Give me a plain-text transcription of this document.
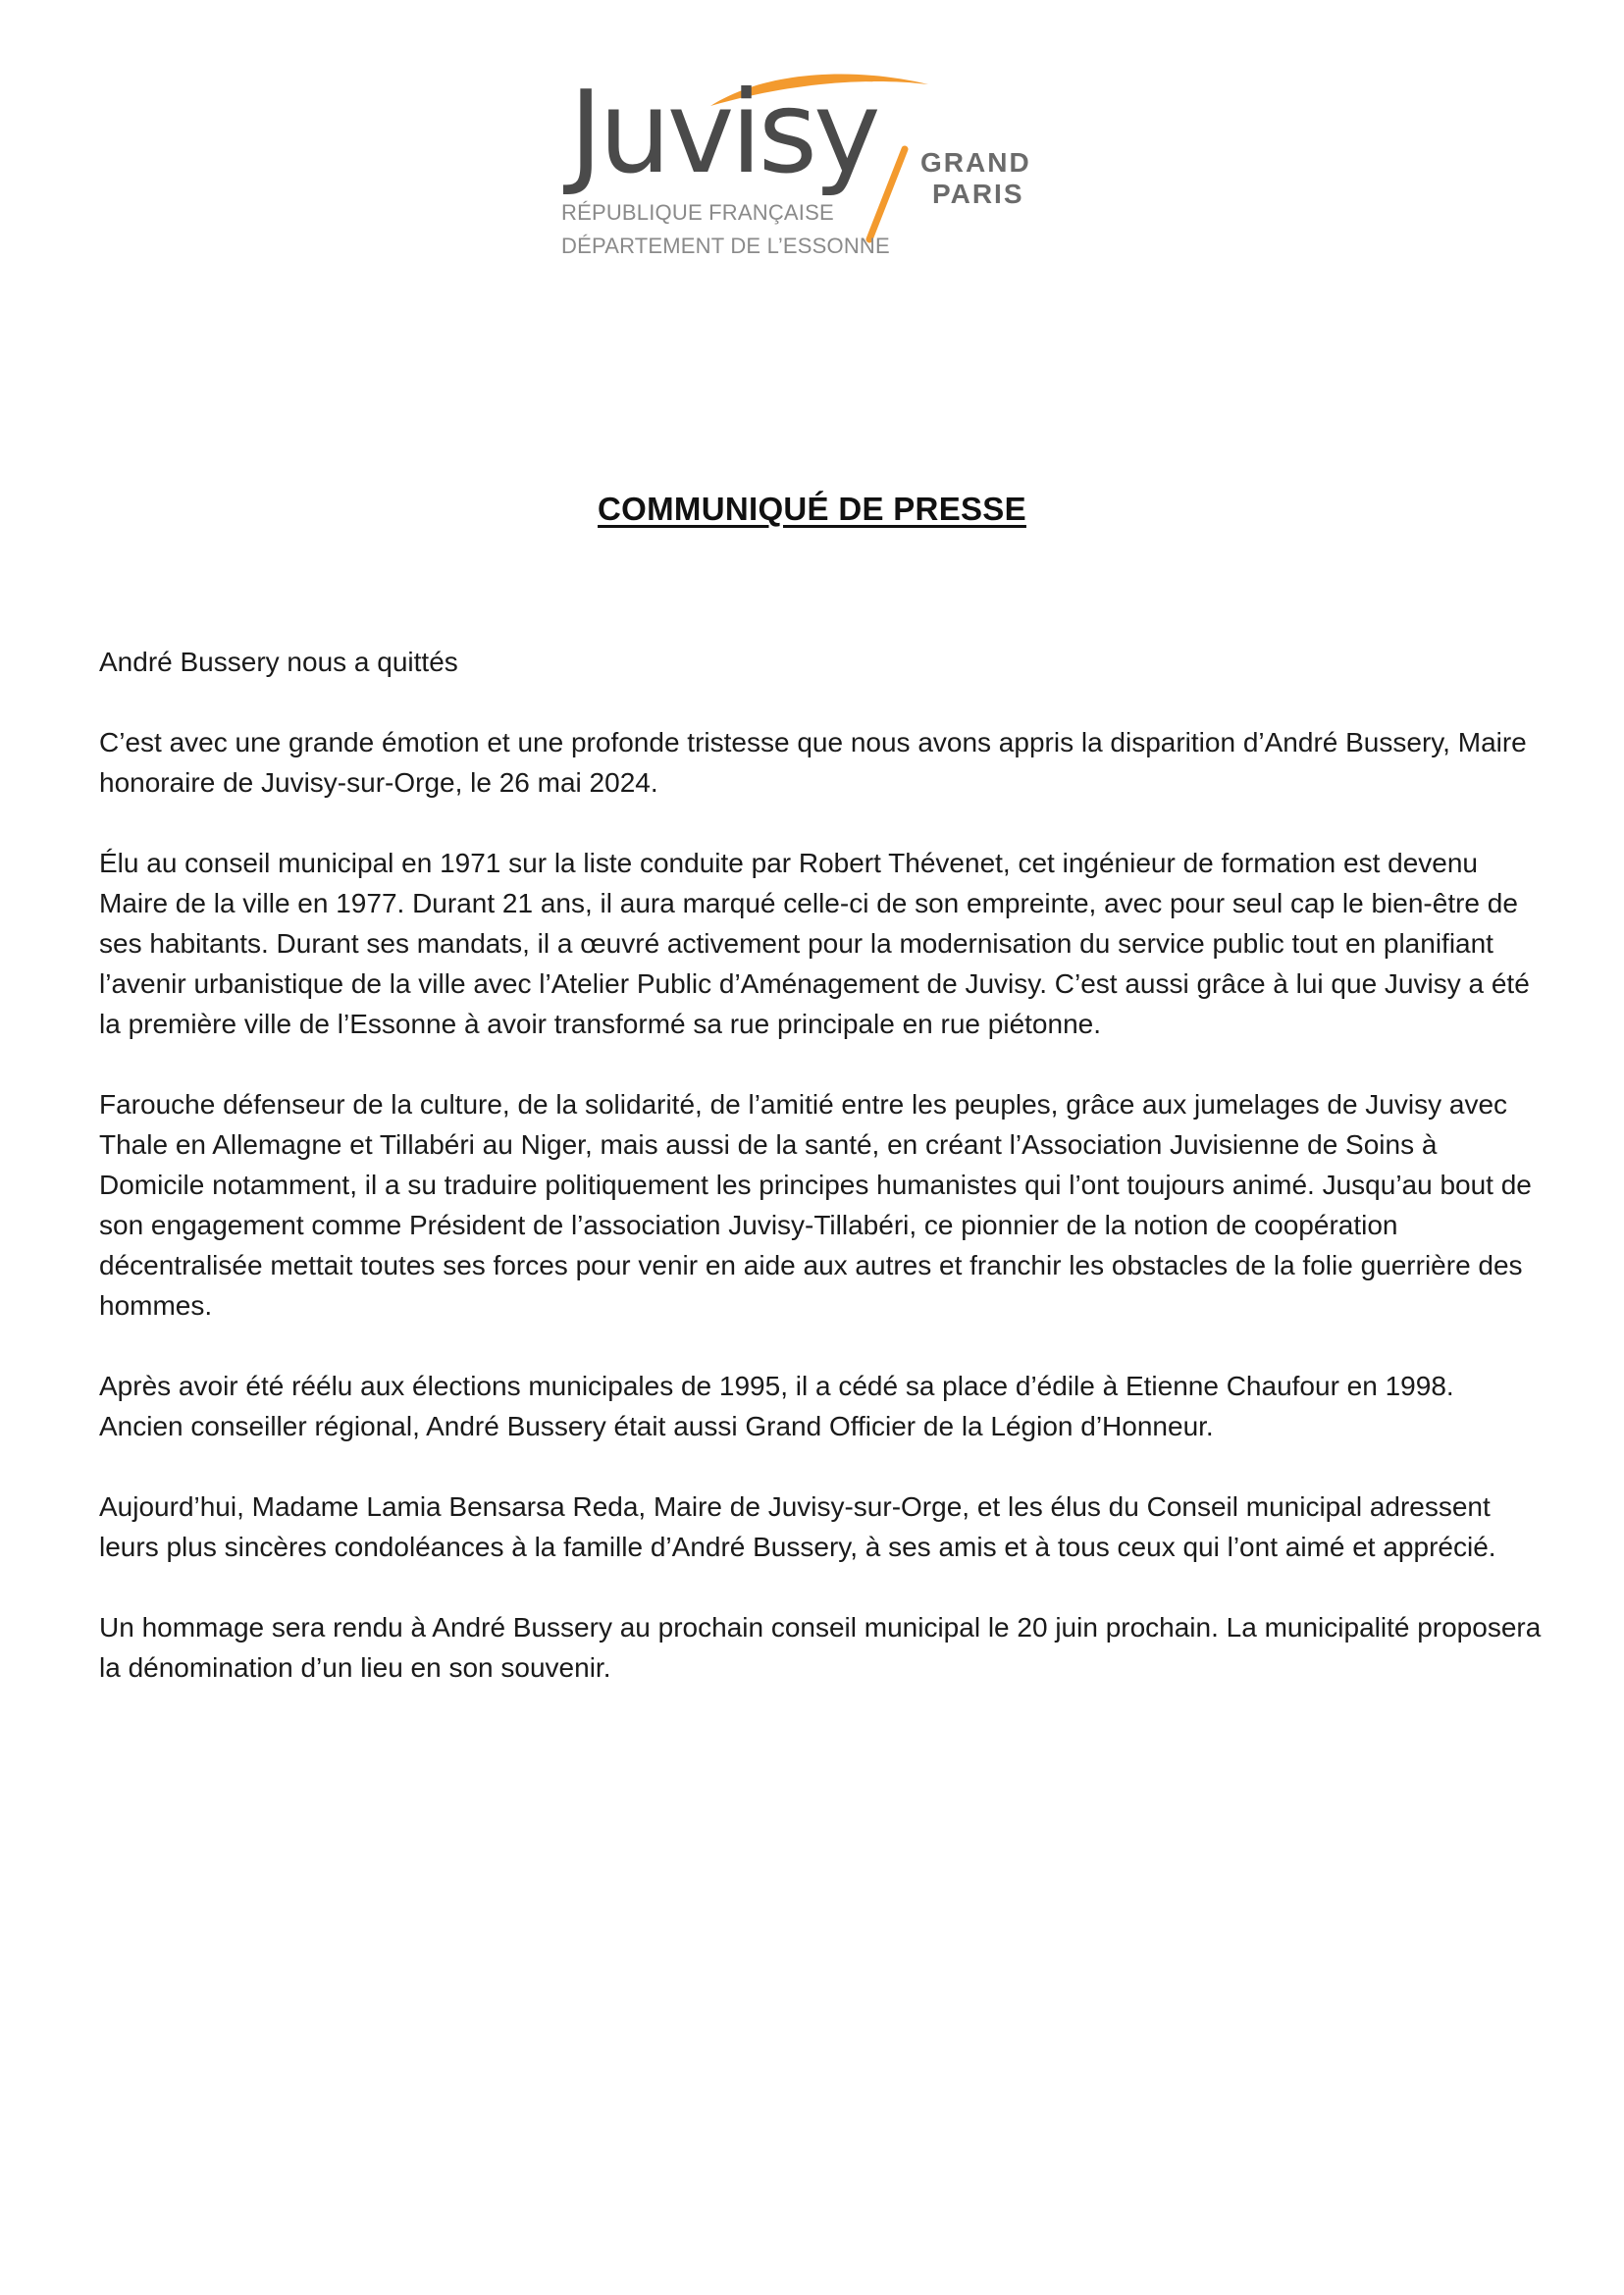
Juvisy GRAND
PARIS
RÉPUBLIQUE FRANÇAISE
DÉPARTEMENT DE L’ESSONNE
COMMUNIQUÉ DE PRESSE

André Bussery nous a quittés

C’est avec une grande émotion et une profonde tristesse que nous avons appris la disparition d’André Bussery, Maire honoraire de Juvisy-sur-Orge, le 26 mai 2024.

Élu au conseil municipal en 1971 sur la liste conduite par Robert Thévenet, cet ingénieur de formation est devenu Maire de la ville en 1977. Durant 21 ans, il aura marqué celle-ci de son empreinte, avec pour seul cap le bien-être de ses habitants. Durant ses mandats, il a œuvré activement pour la modernisation du service public tout en planifiant l’avenir urbanistique de la ville avec l’Atelier Public d’Aménagement de Juvisy. C’est aussi grâce à lui que Juvisy a été la première ville de l’Essonne à avoir transformé sa rue principale en rue piétonne.

Farouche défenseur de la culture, de la solidarité, de l’amitié entre les peuples, grâce aux jumelages de Juvisy avec Thale en Allemagne et Tillabéri au Niger, mais aussi de la santé, en créant l’Association Juvisienne de Soins à Domicile notamment, il a su traduire politiquement les principes humanistes qui l’ont toujours animé. Jusqu’au bout de son engagement comme Président de l’association Juvisy-Tillabéri, ce pionnier de la notion de coopération décentralisée mettait toutes ses forces pour venir en aide aux autres et franchir les obstacles de la folie guerrière des hommes.

Après avoir été réélu aux élections municipales de 1995, il a cédé sa place d’édile à Etienne Chaufour en 1998. Ancien conseiller régional, André Bussery était aussi Grand Officier de la Légion d’Honneur.

Aujourd’hui, Madame Lamia Bensarsa Reda, Maire de Juvisy-sur-Orge, et les élus du Conseil municipal adressent leurs plus sincères condoléances à la famille d’André Bussery, à ses amis et à tous ceux qui l’ont aimé et apprécié.

Un hommage sera rendu à André Bussery au prochain conseil municipal le 20 juin prochain. La municipalité proposera la dénomination d’un lieu en son souvenir.
